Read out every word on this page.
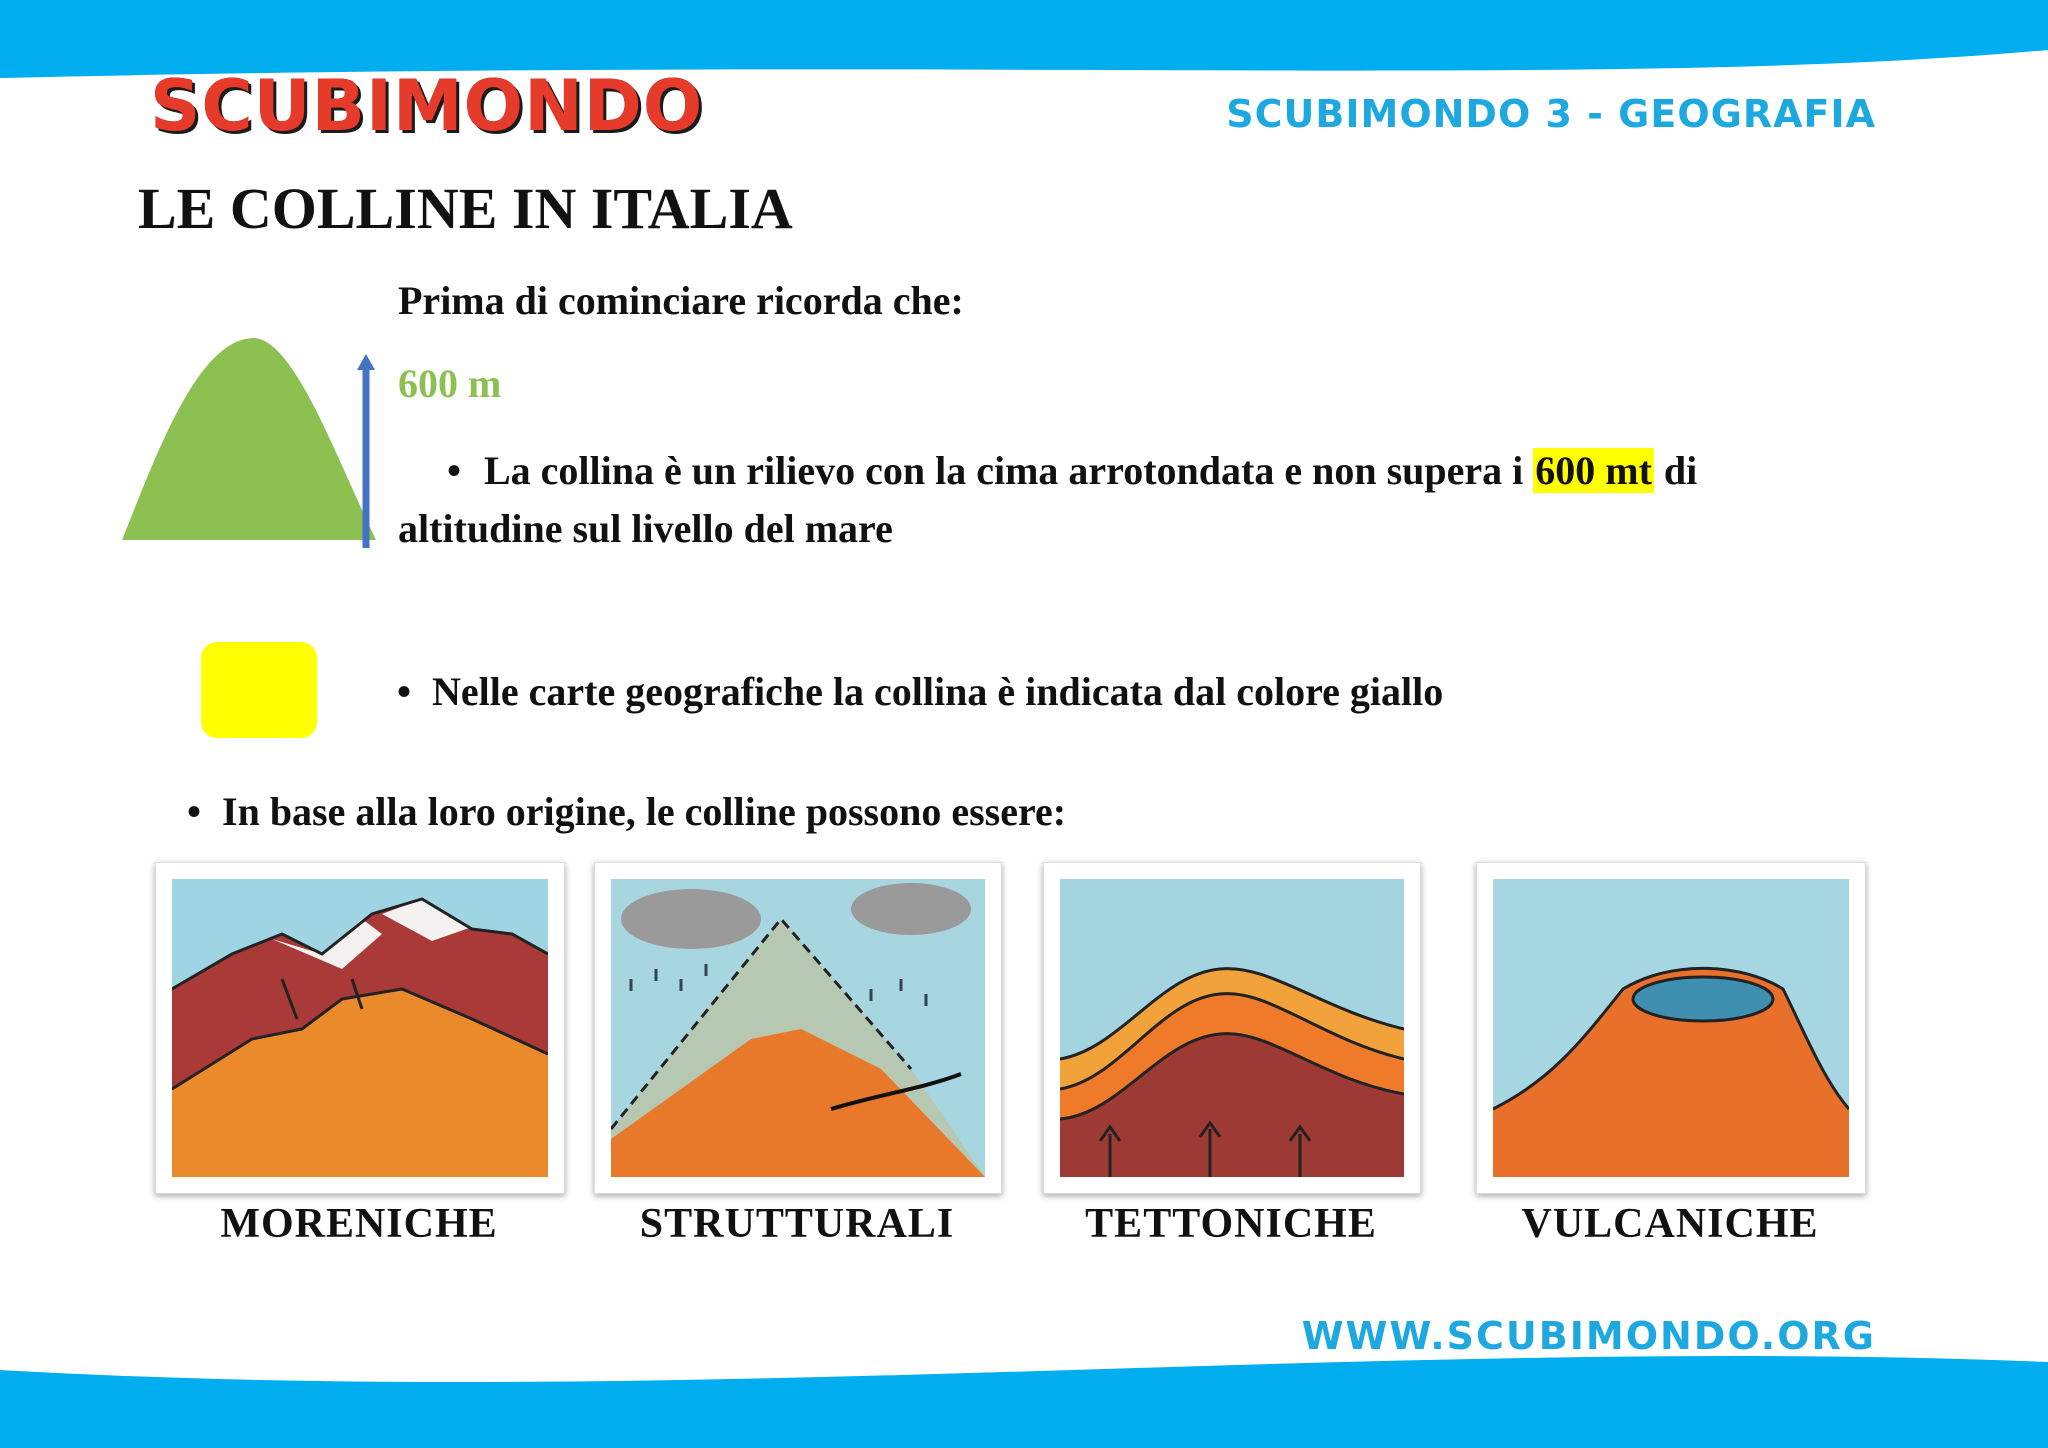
SCUBIMONDO	SCUBIMONDO 3 - GEOGRAFIA
LE COLLINE IN ITALIA
Prima di cominciare ricorda che:
600 m
• La collina è un rilievo con la cima arrotondata e non supera i 600 mt di altitudine sul livello del mare
• Nelle carte geografiche la collina è indicata dal colore giallo
• In base alla loro origine, le colline possono essere:
MORENICHE	STRUTTURALI	TETTONICHE	VULCANICHE
WWW.SCUBIMONDO.ORG
